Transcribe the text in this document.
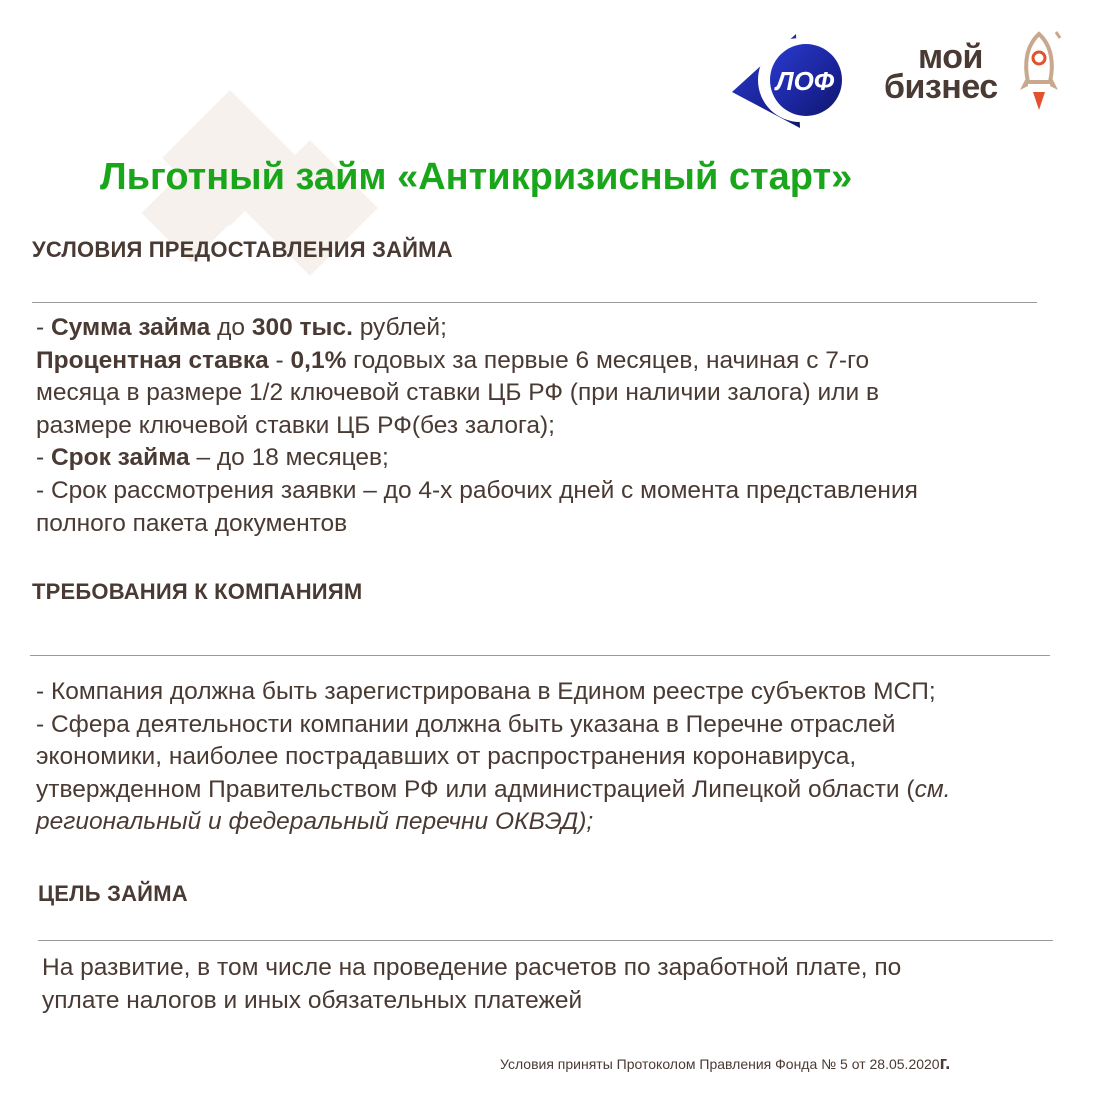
ЛОФ
мой
бизнес
Льготный займ «Антикризисный старт»
УСЛОВИЯ ПРЕДОСТАВЛЕНИЯ ЗАЙМА

- Сумма займа до 300 тыс. рублей;

Процентная ставка - 0,1% годовых за первые 6 месяцев, начиная с 7-го

месяца в размере 1/2 ключевой ставки ЦБ РФ (при наличии залога) или в

размере ключевой ставки ЦБ РФ(без залога);

- Срок займа – до 18 месяцев;

- Срок рассмотрения заявки – до 4-х рабочих дней с момента представления

полного пакета документов

ТРЕБОВАНИЯ К КОМПАНИЯМ

- Компания должна быть зарегистрирована в Едином реестре субъектов МСП;

- Сфера деятельности компании должна быть указана в Перечне отраслей

экономики, наиболее пострадавших от распространения коронавируса,

утвержденном Правительством РФ или администрацией Липецкой области (см.

региональный и федеральный перечни ОКВЭД);

ЦЕЛЬ ЗАЙМА

На развитие, в том числе на проведение расчетов по заработной плате, по

уплате налогов и иных обязательных платежей

Условия приняты Протоколом Правления Фонда № 5 от 28.05.2020г.
